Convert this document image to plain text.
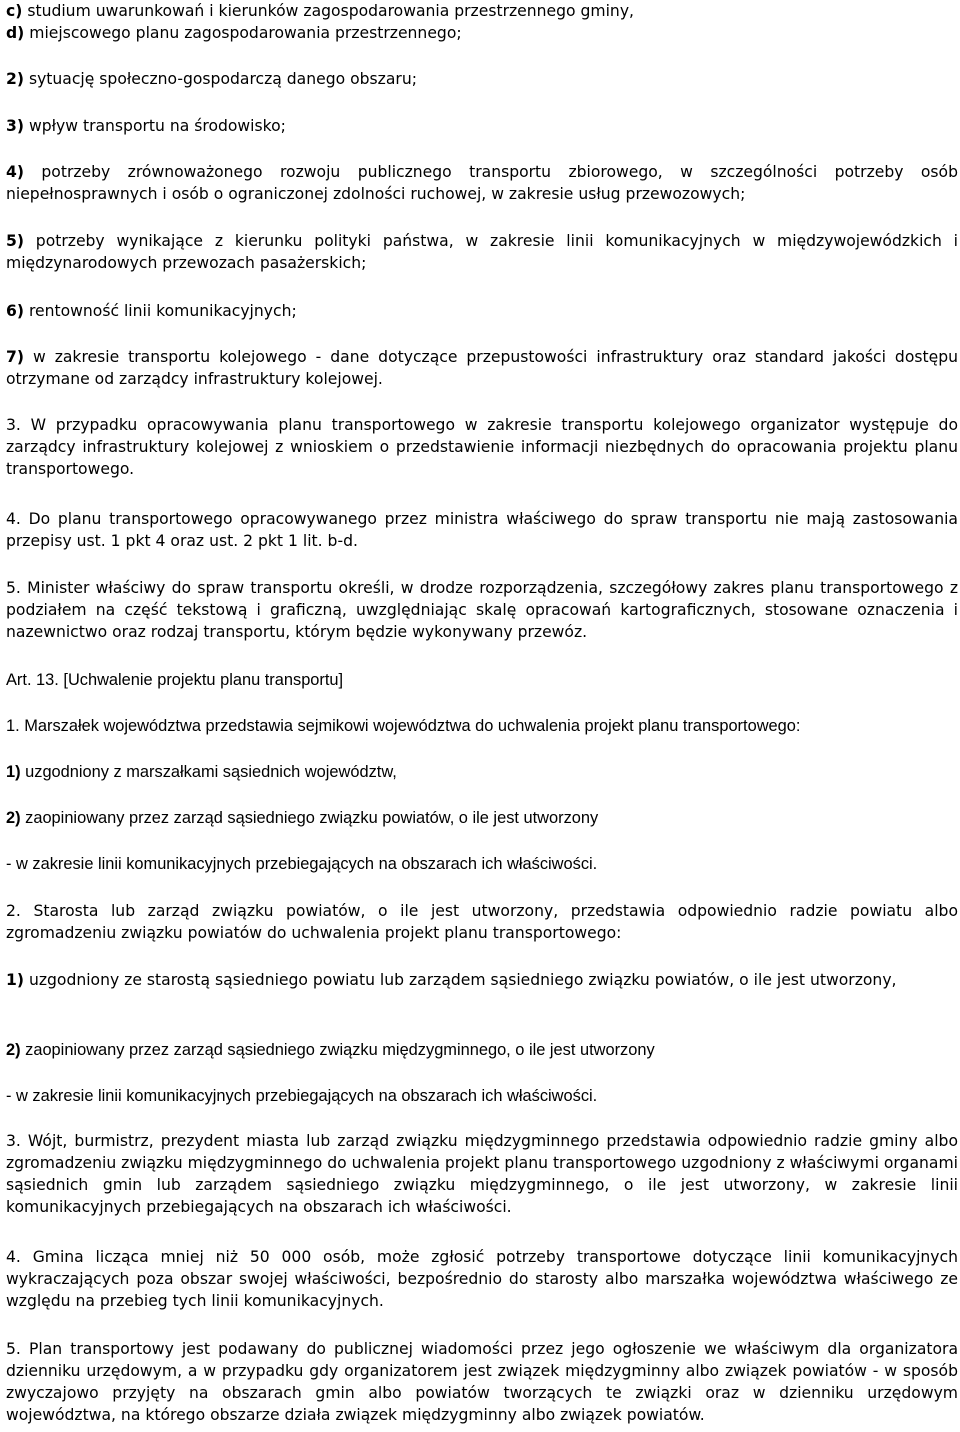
c) studium uwarunkowań i kierunków zagospodarowania przestrzennego gminy,

d) miejscowego planu zagospodarowania przestrzennego;

2) sytuację społeczno-gospodarczą danego obszaru;

3) wpływ transportu na środowisko;

4) potrzeby zrównoważonego rozwoju publicznego transportu zbiorowego, w szczególności potrzeby osób niepełnosprawnych i osób o ograniczonej zdolności ruchowej, w zakresie usług przewozowych;

5) potrzeby wynikające z kierunku polityki państwa, w zakresie linii komunikacyjnych w międzywojewódzkich i międzynarodowych przewozach pasażerskich;

6) rentowność linii komunikacyjnych;

7) w zakresie transportu kolejowego - dane dotyczące przepustowości infrastruktury oraz standard jakości dostępu otrzymane od zarządcy infrastruktury kolejowej.

3. W przypadku opracowywania planu transportowego w zakresie transportu kolejowego organizator występuje do zarządcy infrastruktury kolejowej z wnioskiem o przedstawienie informacji niezbędnych do opracowania projektu planu transportowego.

4. Do planu transportowego opracowywanego przez ministra właściwego do spraw transportu nie mają zastosowania przepisy ust. 1 pkt 4 oraz ust. 2 pkt 1 lit. b-d.

5. Minister właściwy do spraw transportu określi, w drodze rozporządzenia, szczegółowy zakres planu transportowego z podziałem na część tekstową i graficzną, uwzględniając skalę opracowań kartograficznych, stosowane oznaczenia i nazewnictwo oraz rodzaj transportu, którym będzie wykonywany przewóz.

Art. 13. [Uchwalenie projektu planu transportu]

1. Marszałek województwa przedstawia sejmikowi województwa do uchwalenia projekt planu transportowego:

1) uzgodniony z marszałkami sąsiednich województw,

2) zaopiniowany przez zarząd sąsiedniego związku powiatów, o ile jest utworzony

- w zakresie linii komunikacyjnych przebiegających na obszarach ich właściwości.

2. Starosta lub zarząd związku powiatów, o ile jest utworzony, przedstawia odpowiednio radzie powiatu albo zgromadzeniu związku powiatów do uchwalenia projekt planu transportowego:

1) uzgodniony ze starostą sąsiedniego powiatu lub zarządem sąsiedniego związku powiatów, o ile jest utworzony,

2) zaopiniowany przez zarząd sąsiedniego związku międzygminnego, o ile jest utworzony

- w zakresie linii komunikacyjnych przebiegających na obszarach ich właściwości.

3. Wójt, burmistrz, prezydent miasta lub zarząd związku międzygminnego przedstawia odpowiednio radzie gminy albo zgromadzeniu związku międzygminnego do uchwalenia projekt planu transportowego uzgodniony z właściwymi organami sąsiednich gmin lub zarządem sąsiedniego związku międzygminnego, o ile jest utworzony, w zakresie linii komunikacyjnych przebiegających na obszarach ich właściwości.

4. Gmina licząca mniej niż 50 000 osób, może zgłosić potrzeby transportowe dotyczące linii komunikacyjnych wykraczających poza obszar swojej właściwości, bezpośrednio do starosty albo marszałka województwa właściwego ze względu na przebieg tych linii komunikacyjnych.

5. Plan transportowy jest podawany do publicznej wiadomości przez jego ogłoszenie we właściwym dla organizatora dzienniku urzędowym, a w przypadku gdy organizatorem jest związek międzygminny albo związek powiatów - w sposób zwyczajowo przyjęty na obszarach gmin albo powiatów tworzących te związki oraz w dzienniku urzędowym województwa, na którego obszarze działa związek międzygminny albo związek powiatów.
